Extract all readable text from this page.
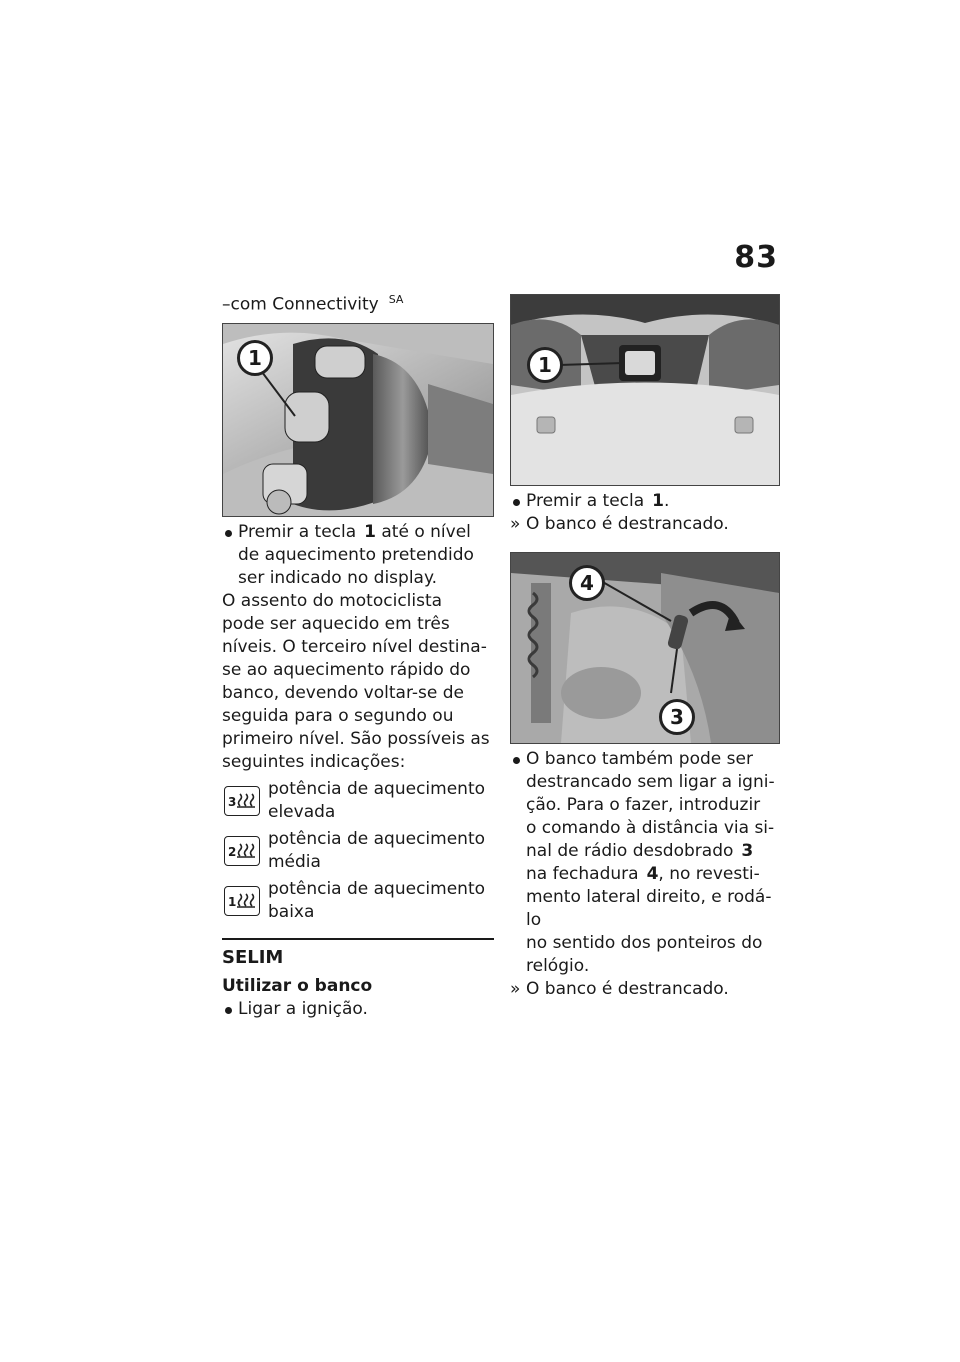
83
–com Connectivity $^{SA}$
1
Premir a tecla 1 até o nível
de aquecimento pretendido
ser indicado no display.
O assento do motociclista
pode ser aquecido em três
níveis. O terceiro nível destina-
se ao aquecimento rápido do
banco, devendo voltar-se de
seguida para o segundo ou
primeiro nível. São possíveis as
seguintes indicações:
3
potência de aquecimento
elevada
2
potência de aquecimento
média
1
potência de aquecimento
baixa
SELIM
Utilizar o banco
Ligar a ignição.
1
Premir a tecla 1.
» O banco é destrancado.
4
3
O banco também pode ser
destrancado sem ligar a igni-
ção. Para o fazer, introduzir
o comando à distância via si-
nal de rádio desdobrado 3
na fechadura 4, no revesti-
mento lateral direito, e rodá-lo
no sentido dos ponteiros do
relógio.
» O banco é destrancado.
